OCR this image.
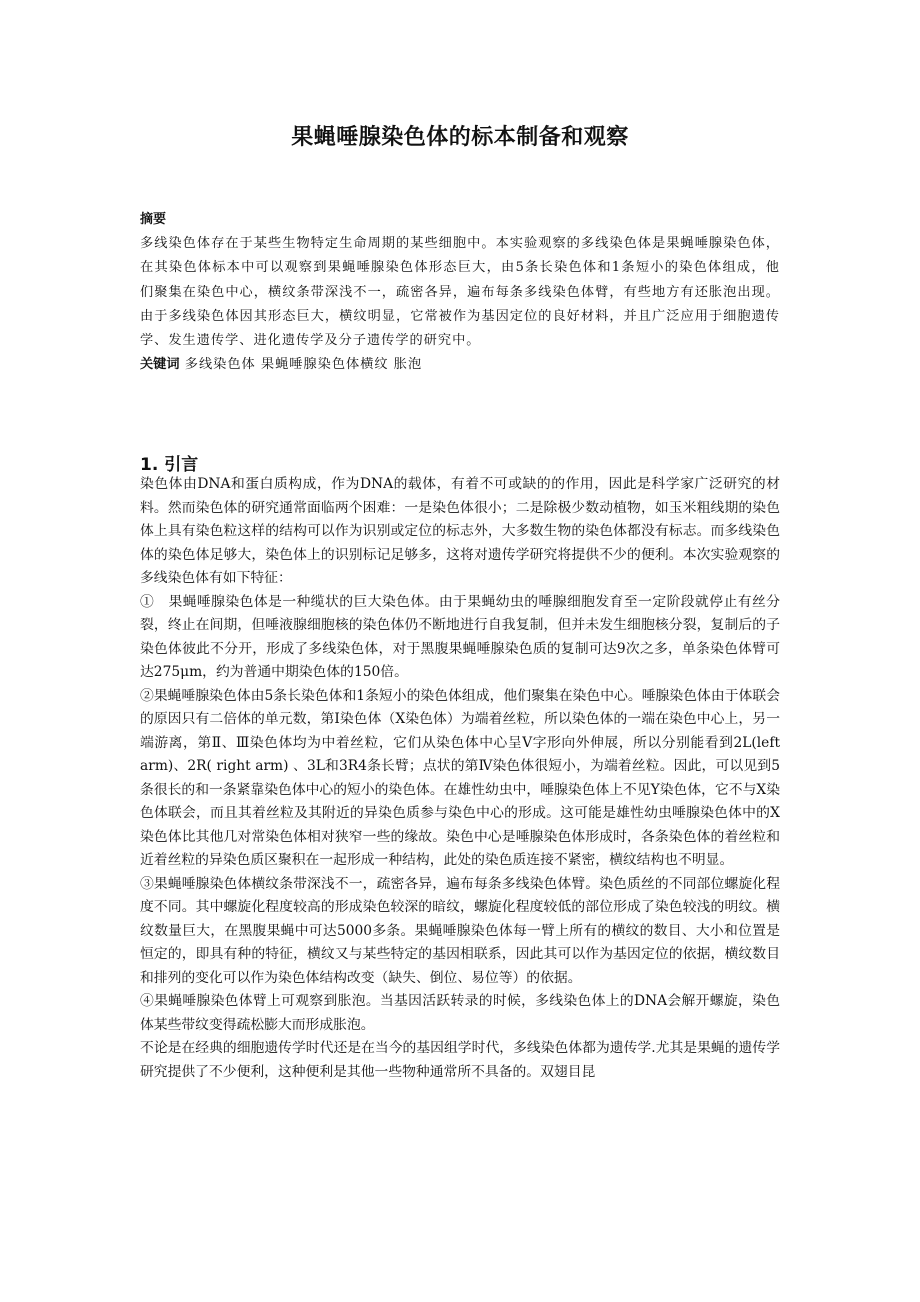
果蝇唾腺染色体的标本制备和观察
摘要

多线染色体存在于某些生物特定生命周期的某些细胞中。本实验观察的多线染色体是果蝇唾腺染色体，在其染色体标本中可以观察到果蝇唾腺染色体形态巨大，由5条长染色体和1条短小的染色体组成，他们聚集在染色中心，横纹条带深浅不一，疏密各异，遍布每条多线染色体臂，有些地方有还胀泡出现。由于多线染色体因其形态巨大，横纹明显，它常被作为基因定位的良好材料，并且广泛应用于细胞遗传学、发生遗传学、进化遗传学及分子遗传学的研究中。

关键词 多线染色体 果蝇唾腺染色体横纹 胀泡

1. 引言

染色体由DNA和蛋白质构成，作为DNA的载体，有着不可或缺的的作用，因此是科学家广泛研究的材料。然而染色体的研究通常面临两个困难：一是染色体很小；二是除极少数动植物，如玉米粗线期的染色体上具有染色粒这样的结构可以作为识别或定位的标志外，大多数生物的染色体都没有标志。而多线染色体的染色体足够大，染色体上的识别标记足够多，这将对遗传学研究将提供不少的便利。本次实验观察的多线染色体有如下特征：

①　果蝇唾腺染色体是一种缆状的巨大染色体。由于果蝇幼虫的唾腺细胞发育至一定阶段就停止有丝分裂，终止在间期，但唾液腺细胞核的染色体仍不断地进行自我复制，但并未发生细胞核分裂，复制后的子染色体彼此不分开，形成了多线染色体，对于黑腹果蝇唾腺染色质的复制可达9次之多，单条染色体臂可达275μm，约为普通中期染色体的150倍。

②果蝇唾腺染色体由5条长染色体和1条短小的染色体组成，他们聚集在染色中心。唾腺染色体由于体联会的原因只有二倍体的单元数，第Ⅰ染色体（X染色体）为端着丝粒，所以染色体的一端在染色中心上，另一端游离，第Ⅱ、Ⅲ染色体均为中着丝粒，它们从染色体中心呈V字形向外伸展，所以分别能看到2L(left arm)、2R( right arm) 、3L和3R4条长臂；点状的第Ⅳ染色体很短小，为端着丝粒。因此，可以见到5条很长的和一条紧靠染色体中心的短小的染色体。在雄性幼虫中，唾腺染色体上不见Y染色体，它不与X染色体联会，而且其着丝粒及其附近的异染色质参与染色中心的形成。这可能是雄性幼虫唾腺染色体中的X染色体比其他几对常染色体相对狭窄一些的缘故。染色中心是唾腺染色体形成时，各条染色体的着丝粒和近着丝粒的异染色质区聚积在一起形成一种结构，此处的染色质连接不紧密，横纹结构也不明显。

③果蝇唾腺染色体横纹条带深浅不一，疏密各异，遍布每条多线染色体臂。染色质丝的不同部位螺旋化程度不同。其中螺旋化程度较高的形成染色较深的暗纹，螺旋化程度较低的部位形成了染色较浅的明纹。横纹数量巨大，在黑腹果蝇中可达5000多条。果蝇唾腺染色体每一臂上所有的横纹的数目、大小和位置是恒定的，即具有种的特征，横纹又与某些特定的基因相联系，因此其可以作为基因定位的依据，横纹数目和排列的变化可以作为染色体结构改变（缺失、倒位、易位等）的依据。

④果蝇唾腺染色体臂上可观察到胀泡。当基因活跃转录的时候，多线染色体上的DNA会解开螺旋，染色体某些带纹变得疏松膨大而形成胀泡。

不论是在经典的细胞遗传学时代还是在当今的基因组学时代，多线染色体都为遗传学.尤其是果蝇的遗传学研究提供了不少便利，这种便利是其他一些物种通常所不具备的。双翅目昆
